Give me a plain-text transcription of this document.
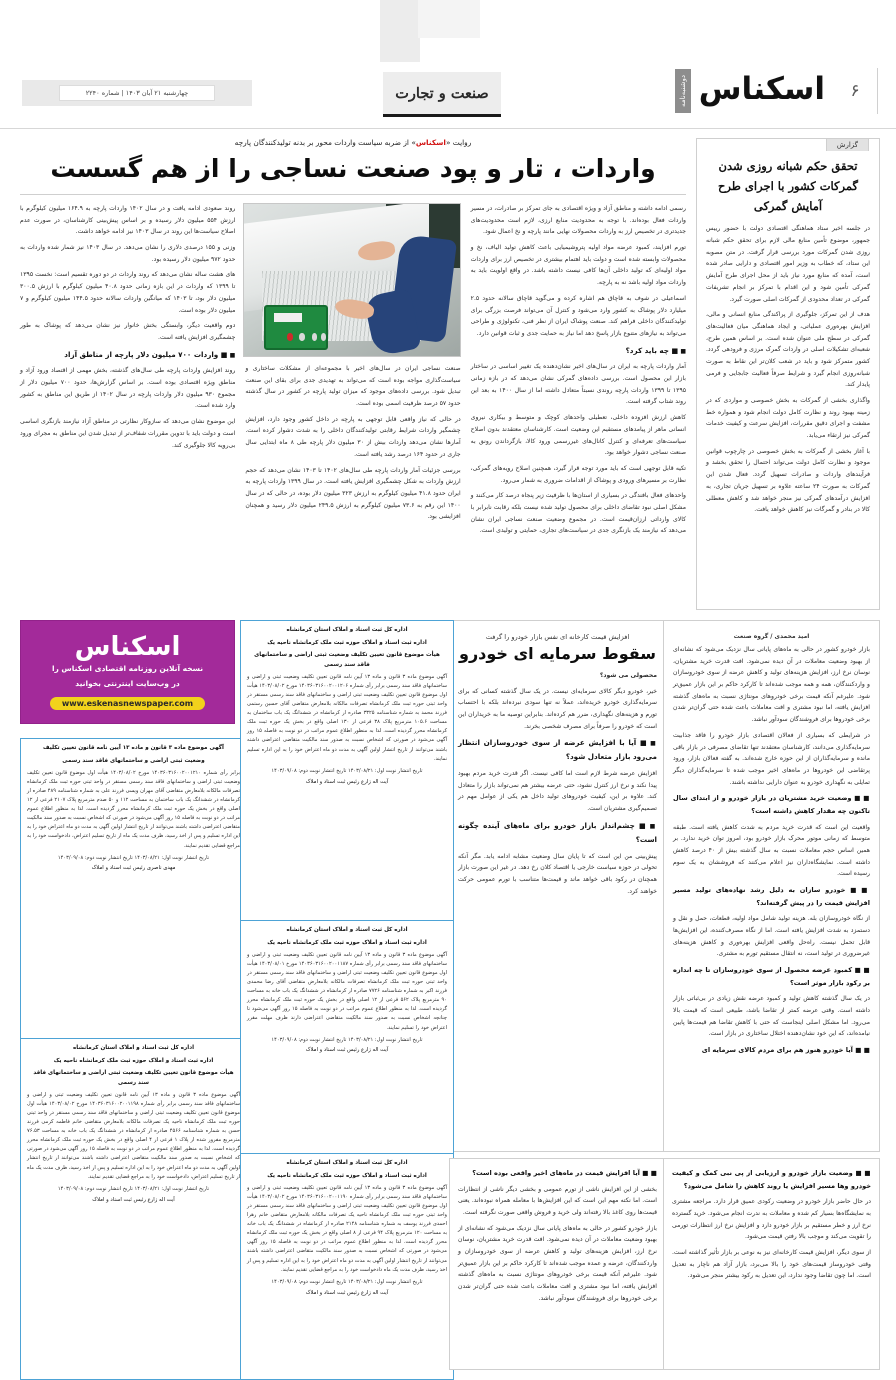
۶
اسکناس
دوشنبه‌نامه
صنعت و تجارت
چهارشنبه ۲۱ آبان ۱۴۰۳ | شماره ۲۲۴۰
گزارش
تحقق حکم شبانه روزی شدن گمرکات کشور با اجرای طرح آمایش گمرکی

در جلسه اخیر ستاد هماهنگی اقتصادی دولت با حضور رییس جمهور، موضوع تأمین منابع مالی لازم برای تحقق حکم شبانه روزی شدن گمرکات مورد بررسی قرار گرفت. در متن مصوبه این ستاد، که خطاب به وزیر امور اقتصادی و دارایی صادر شده است، آمده که منابع مورد نیاز باید از محل اجرای طرح آمایش گمرکی تأمین شود و این اقدام با تمرکز بر انجام تشریفات گمرکی در تعداد محدودی از گمرکات اصلی صورت گیرد.

هدف از این تمرکز، جلوگیری از پراکندگی منابع انسانی و مالی، افزایش بهره‌وری عملیاتی، و ایجاد هماهنگی میان فعالیت‌های گمرکی در سطح ملی عنوان شده است. بر اساس همین طرح، شعبه‌ای تشکیلات اصلی در واردات گمرک مرزی و فرودهی گردد. کشور متمرکز شود و باید در شعب کلان‌تر این نقاط به صورت شبانه‌روزی انجام گیرد و شرایط صرفاً فعالیت جابجایی و فرمی پایدار کند.

واگذاری بخشی از گمرکات به بخش خصوصی و مواردی که در زمینه بهبود روند و نظارت کامل دولت انجام شود و همواره خط مشفت و اجرای دقیق مقررات، افزایش سرعت و کیفیت خدمات گمرکی نیز ارتقاء می‌یابد.

با آغاز بخشی از گمرکات به بخش خصوصی در چارچوب قوانین موجود و نظارت کامل دولت می‌تواند احتمال را تحقق بخشد و فرآیندهای واردات و صادرات تسهیل گردد. فعال شدن این گمرکات به صورت ۲۴ ساعته علاوه بر تسهیل جریان تجاری، به افزایش درآمدهای گمرکی نیز منجر خواهد شد و کاهش معطلی کالا در بنادر و گمرگات نیز کاهش خواهد یافت.

روایت «اسکناس» از ضربه سیاست واردات محور بر بدنه تولیدکنندگان پارچه
واردات ، تار و پود صنعت نساجی را از هم گسست

رسمی ادامه داشته و مناطق آزاد و ویژه اقتصادی به جای تمرکز بر صادرات، در مسیر واردات فعال بوده‌اند. با توجه به محدودیت منابع ارزی، لازم است محدودیت‌های جدیدتری در تخصیص ارز به واردات محصولات نهایی مانند پارچه و نخ اعمال شود.

تورم افزایند، کمبود عرضه مواد اولیه پتروشیمیایی باعث کاهش تولید الیاف، نخ و محصولات وابسته شده است و دولت باید اهتمام بیشتری در تخصیص ارز برای واردات مواد اولیه‌ای که تولید داخلی آن‌ها کافی نیست داشته باشد. در واقع اولویت باید به واردات مواد اولیه باشد نه به پارچه.

اسماعیلی در شوف به قاچاق هم اشاره کرده و می‌گوید قاچاق سالانه حدود ۲.۵ میلیارد دلار پوشاک به کشور وارد می‌شود و کنترل آن می‌تواند فرصت بزرگی برای تولیدکنندگان داخلی فراهم کند. صنعت پوشاک ایران از نظر فنی، تکنولوژی و طراحی می‌تواند به نیازهای متنوع بازار پاسخ دهد اما نیاز به حمایت جدی و ثبات قوانین دارد.

■ ■ چه باید کرد؟

آمار واردات پارچه به ایران در سال‌های اخیر نشان‌دهنده یک تغییر اساسی در ساختار بازار این محصول است. بررسی داده‌های گمرکی نشان می‌دهد که در بازه زمانی ۱۳۹۵ تا ۱۳۹۹ واردات پارچه روندی نسبتاً متعادل داشته اما از سال ۱۴۰۰ به بعد این روند شتاب گرفته است.

کاهش ارزش افزوده داخلی، تعطیلی واحدهای کوچک و متوسط و بیکاری نیروی انسانی ماهر از پیامدهای مستقیم این وضعیت است. کارشناسان معتقدند بدون اصلاح سیاست‌های تعرفه‌ای و کنترل کانال‌های غیررسمی ورود کالا، بازگرداندن رونق به صنعت نساجی دشوار خواهد بود.

تکیه قابل توجهی است که باید مورد توجه قرار گیرد، همچنین اصلاح رویه‌های گمرکی، نظارت بر مسیرهای ورودی و پوشاک از اقدامات ضروری به شمار می‌رود.

واحدهای فعال بافندگی در بسیاری از استان‌ها با ظرفیت زیر پنجاه درصد کار می‌کنند و مشکل اصلی نبود تقاضای داخلی برای محصول تولید شده نیست بلکه رقابت نابرابر با کالای وارداتی ارزان‌قیمت است. در مجموع وضعیت صنعت نساجی ایران نشان می‌دهد که نیازمند یک بازنگری جدی در سیاست‌های تجاری، حمایتی و تولیدی است.

صنعت نساجی ایران در سال‌های اخیر با مجموعه‌ای از مشکلات ساختاری و سیاست‌گذاری مواجه بوده است که می‌تواند به تهدیدی جدی برای بقای این صنعت تبدیل شود. بررسی داده‌های موجود که میزان تولید پارچه در کشور در سال گذشته حدود ۵۷ درصد ظرفیت اسمی بوده است.

در حالی که نیاز واقعی قابل توجهی به پارچه در داخل کشور وجود دارد، افزایش چشمگیر واردات شرایط رقابتی تولیدکنندگان داخلی را به شدت دشوار کرده است. آمارها نشان می‌دهد واردات بیش از ۳۰ میلیون دلار پارچه طی ۸ ماه ابتدایی سال جاری در حدود ۱۶۴ درصد رشد یافته است.

بررسی جزئیات آمار واردات پارچه طی سال‌های ۱۴۰۲ تا ۱۴۰۳ نشان می‌دهد که حجم ارزش واردات به شکل چشمگیری افزایش یافته است. در سال ۱۳۹۹ واردات پارچه به ایران حدود ۴۱.۸ میلیون کیلوگرم به ارزش ۳۲۳ میلیون دلار بوده، در حالی که در سال ۱۴۰۰ این رقم به ۷۳.۶ میلیون کیلوگرم به ارزش ۲۴۹.۵ میلیون دلار رسید و همچنان افزایشی بود.

روند صعودی ادامه یافت و در سال ۱۴۰۲ واردات پارچه به ۱۶۴.۹ میلیون کیلوگرم با ارزش ۵۵۴ میلیون دلار رسیده و بر اساس پیش‌بینی کارشناسان، در صورت عدم اصلاح سیاست‌ها این روند در سال ۱۴۰۳ نیز ادامه خواهد داشت.

وزنی و ۱۵۵ درصدی دلاری را نشان می‌دهد. در سال ۱۴۰۳ نیز شمار شده واردات به حدود ۹۷۲ میلیون دلار رسیده بود.

های هشت ساله نشان می‌دهد که روند واردات در دو دوره تقسیم است: نخست ۱۳۹۵ تا ۱۳۹۹ که واردات در این بازه زمانی حدود ۴۰.۸ میلیون کیلوگرم با ارزش ۳۰۰.۵ میلیون دلار بود، تا ۱۴۰۳ که میانگین واردات سالانه حدود ۱۴۴.۵ میلیون کیلوگرم و ۷ میلیون دلار بوده است.

دوم واقعیت دیگر، وابستگی بخش خانوار نیز نشان می‌دهد که پوشاک به طور چشمگیری افزایش یافته است.

■ ■ واردات ۷۰۰ میلیون دلار پارچه از مناطق آزاد

روند افزایش واردات پارچه طی سال‌های گذشته، بخش مهمی از اقتصاد ورود آزاد و مناطق ویژه اقتصادی بوده است. بر اساس گزارش‌ها، حدود ۷۰۰ میلیون دلار از مجموع ۹۳۰ میلیون دلار واردات پارچه در سال ۱۴۰۲ از طریق این مناطق به کشور وارد شده است.

این موضوع نشان می‌دهد که سازوکار نظارتی در مناطق آزاد نیازمند بازنگری اساسی است و دولت باید با تدوین مقررات شفاف‌تر از تبدیل شدن این مناطق به مجرای ورود بی‌رویه کالا جلوگیری کند.

اسکناس
نسخه آنلاین روزنامه اقتصادی اسکناس را
در وب‌سایت اینترنتی بخوانید
www.eskenasnewspaper.com
افزایش قیمت کارخانه ای نفس بازار خودرو را گرفت
سقوط سرمایه ای خودرو

محصولی می شود؟

خیر، خودرو دیگر کالای سرمایه‌ای نیست. در یک سال گذشته کسانی که برای سرمایه‌گذاری خودرو خریده‌اند، عملاً نه تنها سودی نبرده‌اند بلکه با احتساب تورم و هزینه‌های نگهداری، ضرر هم کرده‌اند. بنابراین توصیه ما به خریداران این است که خودرو را صرفاً برای مصرف شخصی بخرند.

■ ■ آیا با افزایش عرضه از سوی خودروسازان انتظار می‌رود بازار متعادل شود؟

افزایش عرضه شرط لازم است اما کافی نیست. اگر قدرت خرید مردم بهبود پیدا نکند و نرخ ارز کنترل نشود، حتی عرضه بیشتر هم نمی‌تواند بازار را متعادل کند. علاوه بر این، کیفیت خودروهای تولید داخل هم یکی از عوامل مهم در تصمیم‌گیری مشتریان است.

■ ■ چشم‌انداز بازار خودرو برای ماه‌های آینده چگونه است؟

پیش‌بینی من این است که تا پایان سال وضعیت مشابه ادامه یابد. مگر آنکه تحولی در حوزه سیاست خارجی یا اقتصاد کلان رخ دهد. در غیر این صورت بازار همچنان در رکود باقی خواهد ماند و قیمت‌ها متناسب با تورم عمومی حرکت خواهند کرد.

امید محمدی / گروه صنعت

بازار خودرو کشور در حالی به ماه‌های پایانی سال نزدیک می‌شود که نشانه‌ای از بهبود وضعیت معاملات در آن دیده نمی‌شود. افت قدرت خرید مشتریان، نوسان نرخ ارز، افزایش هزینه‌های تولید و کاهش عرضه از سوی خودروسازان و واردکنندگان، همه و همه موجب شده‌اند تا کارکرد حاکم بر این بازار عمیق‌تر شود. علیرغم آنکه قیمت برخی خودروهای مونتاژی نسبت به ماه‌های گذشته افزایش یافته، اما نبود مشتری و افت معاملات باعث شده حتی گران‌تر شدن برخی خودروها برای فروشندگان سودآور نباشد.

در شرایطی که بسیاری از فعالان اقتصادی بازار خودرو را فاقد جذابیت سرمایه‌گذاری می‌دانند، کارشناسان معتقدند تنها تقاضای مصرفی در بازار باقی مانده و سرمایه‌گذاران از این حوزه خارج شده‌اند. به گفته فعالان بازار، ورود پرتقاضی این خودروها در ماه‌های اخیر موجب شده تا سرمایه‌گذاران دیگر تمایلی به نگهداری خودرو به عنوان دارایی نداشته باشند.

■ ■ وضعیت خرید مشتریان در بازار خودرو و از ابتدای سال تاکنون چه مقدار کاهش داشته است؟

واقعیت این است که قدرت خرید مردم به شدت کاهش یافته است. طبقه متوسط که زمانی موتور محرک بازار خودرو بود، امروز توان خرید ندارد. بر همین اساس حجم معاملات نسبت به سال گذشته بیش از ۴۰ درصد کاهش داشته است. نمایشگاه‌داران نیز اعلام می‌کنند که فروششان به یک سوم رسیده است.

■ ■ خودرو سازان به دلیل رشد نهاده‌های تولید مسیر افزایش قیمت را در پیش گرفته‌اند؟

از نگاه خودروسازان بله. هزینه تولید شامل مواد اولیه، قطعات، حمل و نقل و دستمزد به شدت افزایش یافته است. اما از نگاه مصرف‌کننده، این افزایش‌ها قابل تحمل نیست. راه‌حل واقعی افزایش بهره‌وری و کاهش هزینه‌های غیرضروری در تولید است، نه انتقال مستقیم تورم به مشتری.

■ ■ کمبود عرضه محصول از سوی خودروسازان تا چه اندازه بر رکود بازار موثر است؟

در یک سال گذشته کاهش تولید و کمبود عرضه نقش زیادی در بی‌ثباتی بازار داشته است. وقتی عرضه کمتر از تقاضا باشد، طبیعی است که قیمت بالا می‌رود. اما مشکل اصلی اینجاست که حتی با کاهش تقاضا هم قیمت‌ها پایین نیامده‌اند، که این خود نشان‌دهنده اختلال ساختاری در بازار است.

■ ■ آیا خودرو هنوز هم برای مردم کالای سرمایه ای

آگهی موضوع ماده ۳ قانون و ماده ۱۳ آیین نامه قانون تعیین تکلیف
وضعیت ثبتی اراضی و ساختمانهای فاقد سند رسمی
برابر رأی شماره ۱۴۰۳۶۰۳۱۶۰۰۲۰۰۱۲۱۰ مورخ ۱۴۰۳/۰۸/۰۲ هیأت اول موضوع قانون تعیین تکلیف وضعیت ثبتی اراضی و ساختمانهای فاقد سند رسمی مستقر در واحد ثبتی حوزه ثبت ملک کرمانشاه تصرفات مالکانه بلامعارض متقاضی آقای مهران ویسی فرزند علی به شماره شناسنامه ۴۸۹ صادره از کرمانشاه در ششدانگ یک باب ساختمان به مساحت ۱۱۲ و ۵۰ صدم مترمربع پلاک ۲۱۰۷ فرعی از ۱۲ اصلی واقع در بخش یک حوزه ثبت ملک کرمانشاه محرز گردیده است. لذا به منظور اطلاع عموم مراتب در دو نوبت به فاصله ۱۵ روز آگهی می‌شود در صورتی که اشخاص نسبت به صدور سند مالکیت متقاضی اعتراضی داشته باشند می‌توانند از تاریخ انتشار اولین آگهی به مدت دو ماه اعتراض خود را به این اداره تسلیم و پس از اخذ رسید، ظرف مدت یک ماه از تاریخ تسلیم اعتراض، دادخواست خود را به مراجع قضایی تقدیم نمایند.
تاریخ انتشار نوبت اول: ۱۴۰۳/۰۸/۲۱ تاریخ انتشار نوبت دوم: ۱۴۰۳/۰۹/۰۸
مهدی ناصری رئیس ثبت اسناد و املاک
اداره کل ثبت اسناد و املاک استان کرمانشاه
اداره ثبت اسناد و املاک حوزه ثبت ملک کرمانشاه ناحیه یک
هیأت موضوع قانون تعیین تکلیف وضعیت ثبتی اراضی و ساختمانهای فاقد سند رسمی
آگهی موضوع ماده ۳ قانون و ماده ۱۳ آیین نامه قانون تعیین تکلیف وضعیت ثبتی و اراضی و ساختمانهای فاقد سند رسمی برابر رأی شماره ۱۴۰۳۶۰۳۱۶۰۰۲۰۰۱۱۹۸ مورخ ۱۴۰۳/۰۸/۰۲ هیأت اول موضوع قانون تعیین تکلیف وضعیت ثبتی اراضی و ساختمانهای فاقد سند رسمی مستقر در واحد ثبتی حوزه ثبت ملک کرمانشاه ناحیه یک تصرفات مالکانه بلامعارض متقاضی خانم فاطمه کرمی فرزند حسن به شماره شناسنامه ۴۵۶۶ صادره از کرمانشاه در ششدانگ یک باب خانه به مساحت ۷۶.۵۳ مترمربع مفروز شده از پلاک ۱ فرعی از ۴ اصلی واقع در بخش یک حوزه ثبت ملک کرمانشاه محرز گردیده است. لذا به منظور اطلاع عموم مراتب در دو نوبت به فاصله ۱۵ روز آگهی می‌شود در صورتی که اشخاص نسبت به صدور سند مالکیت متقاضی اعتراضی داشته باشند می‌توانند از تاریخ انتشار اولین آگهی به مدت دو ماه اعتراض خود را به این اداره تسلیم و پس از اخذ رسید، ظرف مدت یک ماه از تاریخ تسلیم اعتراض، دادخواست خود را به مراجع قضایی تقدیم نمایند.
تاریخ انتشار نوبت اول: ۱۴۰۳/۰۸/۲۱ تاریخ انتشار نوبت دوم: ۱۴۰۳/۰۹/۰۸
آیت اله زارع رئیس ثبت اسناد و املاک
اداره کل ثبت اسناد و املاک استان کرمانشاه
اداره ثبت اسناد و املاک حوزه ثبت ملک کرمانشاه ناحیه یک
هیأت موضوع قانون تعیین تکلیف وضعیت ثبتی اراضی و ساختمانهای فاقد سند رسمی
آگهی موضوع ماده ۳ قانون و ماده ۱۳ آیین نامه قانون تعیین تکلیف وضعیت ثبتی و اراضی و ساختمانهای فاقد سند رسمی برابر رأی شماره ۱۴۰۳۶۰۳۱۶۰۰۲۰۰۱۲۰۶ مورخ ۱۴۰۳/۰۸/۰۲ هیأت اول موضوع قانون تعیین تکلیف وضعیت ثبتی اراضی و ساختمانهای فاقد سند رسمی مستقر در واحد ثبتی حوزه ثبت ملک کرمانشاه تصرفات مالکانه بلامعارض متقاضی آقای حسین رستمی فرزند محمد به شماره شناسنامه ۳۳۲۵ صادره از کرمانشاه در ششدانگ یک باب ساختمان به مساحت ۱۰۵.۶ مترمربع پلاک ۳۸ فرعی از ۱۳۰ اصلی واقع در بخش یک حوزه ثبت ملک کرمانشاه محرز گردیده است. لذا به منظور اطلاع عموم مراتب در دو نوبت به فاصله ۱۵ روز آگهی می‌شود در صورتی که اشخاص نسبت به صدور سند مالکیت متقاضی اعتراضی داشته باشند می‌توانند از تاریخ انتشار اولین آگهی به مدت دو ماه اعتراض خود را به این اداره تسلیم نمایند.
تاریخ انتشار نوبت اول: ۱۴۰۳/۰۸/۲۱ تاریخ انتشار نوبت دوم: ۱۴۰۳/۰۹/۰۸
آیت اله زارع رئیس ثبت اسناد و املاک
اداره کل ثبت اسناد و املاک استان کرمانشاه
اداره ثبت اسناد و املاک حوزه ثبت ملک کرمانشاه ناحیه یک
آگهی موضوع ماده ۳ قانون و ماده ۱۳ آیین نامه قانون تعیین تکلیف وضعیت ثبتی و اراضی و ساختمانهای فاقد سند رسمی برابر رأی شماره ۱۴۰۳۶۰۳۱۶۰۰۲۰۰۱۱۸۷ مورخ ۱۴۰۳/۰۸/۰۱ هیأت اول موضوع قانون تعیین تکلیف وضعیت ثبتی اراضی و ساختمانهای فاقد سند رسمی مستقر در واحد ثبتی حوزه ثبت ملک کرمانشاه تصرفات مالکانه بلامعارض متقاضی آقای رضا محمدی فرزند اکبر به شماره شناسنامه ۷۷۲۶ صادره از کرمانشاه در ششدانگ یک باب خانه به مساحت ۹۰ مترمربع پلاک ۵۶۲ فرعی از ۱۲ اصلی واقع در بخش یک حوزه ثبت ملک کرمانشاه محرز گردیده است. لذا به منظور اطلاع عموم مراتب در دو نوبت به فاصله ۱۵ روز آگهی می‌شود تا چنانچه اشخاص نسبت به صدور سند مالکیت متقاضی اعتراضی دارند ظرف مهلت مقرر اعتراض خود را تسلیم نمایند.
تاریخ انتشار نوبت اول: ۱۴۰۳/۰۸/۲۱ تاریخ انتشار نوبت دوم: ۱۴۰۳/۰۹/۰۸
آیت اله زارع رئیس ثبت اسناد و املاک
اداره کل ثبت اسناد و املاک استان کرمانشاه
اداره ثبت اسناد و املاک حوزه ثبت ملک کرمانشاه ناحیه یک
آگهی موضوع ماده ۳ قانون و ماده ۱۳ آیین نامه قانون تعیین تکلیف وضعیت ثبتی و اراضی و ساختمانهای فاقد سند رسمی برابر رأی شماره ۱۴۰۳۶۰۳۱۶۰۰۲۰۰۱۱۹۰ مورخ ۱۴۰۳/۰۸/۰۲ هیأت اول موضوع قانون تعیین تکلیف وضعیت ثبتی اراضی و ساختمانهای فاقد سند رسمی مستقر در واحد ثبتی حوزه ثبت ملک کرمانشاه ناحیه یک تصرفات مالکانه بلامعارض متقاضی خانم زهرا احمدی فرزند یوسف به شماره شناسنامه ۲۱۴۸ صادره از کرمانشاه در ششدانگ یک باب خانه به مساحت ۱۲۰ مترمربع پلاک ۹۴ فرعی از ۸ اصلی واقع در بخش یک حوزه ثبت ملک کرمانشاه محرز گردیده است. لذا به منظور اطلاع عموم مراتب در دو نوبت به فاصله ۱۵ روز آگهی می‌شود در صورتی که اشخاص نسبت به صدور سند مالکیت متقاضی اعتراضی داشته باشند می‌توانند از تاریخ انتشار اولین آگهی به مدت دو ماه اعتراض خود را به این اداره تسلیم و پس از اخذ رسید، ظرف مدت یک ماه دادخواست خود را به مراجع قضایی تقدیم نمایند.
تاریخ انتشار نوبت اول: ۱۴۰۳/۰۸/۲۱ تاریخ انتشار نوبت دوم: ۱۴۰۳/۰۹/۰۸
آیت اله زارع رئیس ثبت اسناد و املاک

■ ■ آیا افزایش قیمت در ماه‌های اخیر واقعی بوده است؟

بخشی از این افزایش ناشی از تورم عمومی و بخشی دیگر ناشی از انتظارات است. اما نکته مهم این است که این افزایش‌ها با معامله همراه نبوده‌اند. یعنی قیمت‌ها روی کاغذ بالا رفته‌اند ولی خرید و فروش واقعی صورت نگرفته است.

بازار خودرو کشور در حالی به ماه‌های پایانی سال نزدیک می‌شود که نشانه‌ای از بهبود وضعیت معاملات در آن دیده نمی‌شود. افت قدرت خرید مشتریان، نوسان نرخ ارز، افزایش هزینه‌های تولید و کاهش عرضه از سوی خودروسازان و واردکنندگان، عرضه و عمده موجب شده‌اند تا کارکرد حاکم بر این بازار عمیق‌تر شود. علیرغم آنکه قیمت برخی خودروهای مونتاژی نسبت به ماه‌های گذشته افزایش یافته، اما نبود مشتری و افت معاملات باعث شده حتی گران‌تر شدن برخی خودروها برای فروشندگان سودآور نباشد.

■ ■ وضعیت بازار خودرو و ارزیابی از پی نبی کمک و کیفیت خودرو وها مسیر افزایش یا روند کاهش را شامل می‌شود؟

در حال حاضر بازار خودرو در وضعیت رکودی عمیق قرار دارد. مراجعه مشتری به نمایشگاه‌ها بسیار کم شده و معاملات به ندرت انجام می‌شود. خرید گسترده نرخ ارز و خطر مستقیم بر بازار خودرو دارد و افزایش نرخ ارز انتظارات تورمی را تقویت می‌کند و موجب بالا رفتن قیمت می‌شود.

از سوی دیگر، افزایش قیمت کارخانه‌ای نیز به نوعی بر بازار تأثیر گذاشته است. وقتی خودروساز قیمت‌های خود را بالا می‌برد، بازار آزاد هم ناچار به تعدیل است. اما چون تقاضا وجود ندارد، این تعدیل به رکود بیشتر منجر می‌شود.
